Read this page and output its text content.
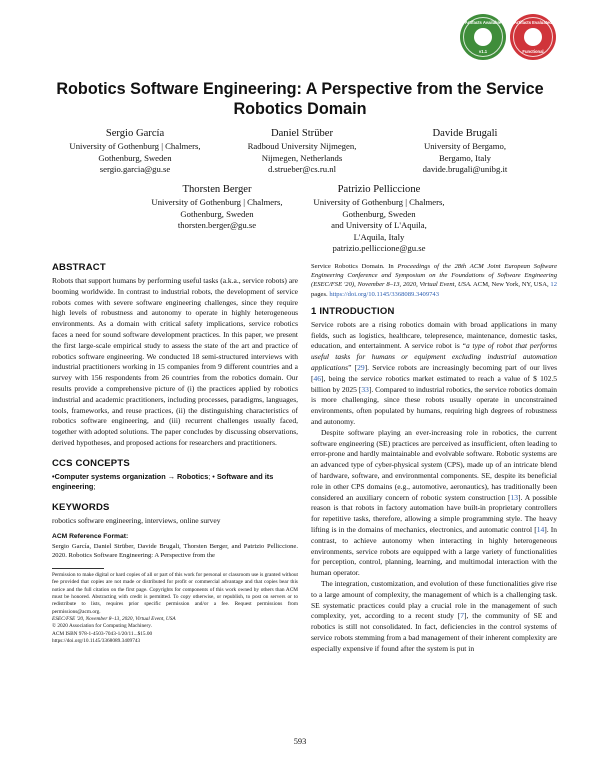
Artifacts Available
v1.1
Artifacts Evaluated
Functional
Robotics Software Engineering: A Perspective from the Service
Robotics Domain
Sergio García
University of Gothenburg | Chalmers,
Gothenburg, Sweden
sergio.garcia@gu.se
Daniel Strüber
Radboud University Nijmegen,
Nijmegen, Netherlands
d.strueber@cs.ru.nl
Davide Brugali
University of Bergamo,
Bergamo, Italy
davide.brugali@unibg.it
Thorsten Berger
University of Gothenburg | Chalmers,
Gothenburg, Sweden
thorsten.berger@gu.se
Patrizio Pelliccione
University of Gothenburg | Chalmers,
Gothenburg, Sweden
and University of L'Aquila,
L'Aquila, Italy
patrizio.pelliccione@gu.se
ABSTRACT

Robots that support humans by performing useful tasks (a.k.a., service robots) are booming worldwide. In contrast to industrial robots, the development of service robots comes with severe software engineering challenges, since they require high levels of robustness and autonomy to operate in highly heterogeneous environments. As a domain with critical safety implications, service robotics faces a need for sound software development practices. In this paper, we present the first large-scale empirical study to assess the state of the art and practice of robotics software engineering. We conducted 18 semi-structured interviews with industrial practitioners working in 15 companies from 9 different countries and a survey with 156 respondents from 26 countries from the robotics domain. Our results provide a comprehensive picture of (i) the practices applied by robotics industrial and academic practitioners, including processes, paradigms, languages, tools, frameworks, and reuse practices, (ii) the distinguishing characteristics of robotics software engineering, and (iii) recurrent challenges usually faced, together with adopted solutions. The paper concludes by discussing observations, derived hypotheses, and proposed actions for researchers and practitioners.

CCS CONCEPTS
•Computer systems organization → Robotics; • Software and its engineering;
KEYWORDS

robotics software engineering, interviews, online survey

ACM Reference Format:

Sergio García, Daniel Strüber, Davide Brugali, Thorsten Berger, and Patrizio Pelliccione. 2020. Robotics Software Engineering: A Perspective from the

Permission to make digital or hard copies of all or part of this work for personal or classroom use is granted without fee provided that copies are not made or distributed for profit or commercial advantage and that copies bear this notice and the full citation on the first page. Copyrights for components of this work owned by others than ACM must be honored. Abstracting with credit is permitted. To copy otherwise, or republish, to post on servers or to redistribute to lists, requires prior specific permission and/or a fee. Request permissions from permissions@acm.org.

ESEC/FSE '20, November 8–13, 2020, Virtual Event, USA

© 2020 Association for Computing Machinery.

ACM ISBN 978-1-4503-7043-1/20/11...$15.00

https://doi.org/10.1145/3368089.3409743

Service Robotics Domain. In Proceedings of the 28th ACM Joint European Software Engineering Conference and Symposium on the Foundations of Software Engineering (ESEC/FSE '20), November 8–13, 2020, Virtual Event, USA. ACM, New York, NY, USA, 12 pages. https://doi.org/10.1145/3368089.3409743

1 INTRODUCTION

Service robots are a rising robotics domain with broad applications in many fields, such as logistics, healthcare, telepresence, maintenance, domestic tasks, education, and entertainment. A service robot is “a type of robot that performs useful tasks for humans or equipment excluding industrial automation applications” [29]. Service robots are increasingly becoming part of our lives [46], being the service robotics market estimated to reach a value of $ 102.5 billion by 2025 [33]. Compared to industrial robotics, the service robotics domain is more challenging, since these robots usually operate in unconstrained environments, often populated by humans, requiring high degrees of robustness and autonomy.

Despite software playing an ever-increasing role in robotics, the current software engineering (SE) practices are perceived as insufficient, often leading to error-prone and hardly maintainable and evolvable software. Robotic systems are an advanced type of cyber-physical system (CPS), made up of an intricate blend of hardware, software, and environmental components. SE, despite its beneficial role in other CPS domains (e.g., automotive, aeronautics), has traditionally been considered an auxiliary concern of robotic system construction [13]. A possible reason is that robots in factory automation have built-in proprietary controllers for repetitive tasks, therefore, allowing a simple programming style. The heavy lifting is in the domains of mechanics, electronics, and automatic control [14]. In contrast, to achieve autonomy when interacting in highly heterogeneous environments, service robots are equipped with a large variety of functionalities for perception, control, planning, learning, and multimodal interaction with the human operator.

The integration, customization, and evolution of these functionalities give rise to a large amount of complexity, the management of which is a challenging task. SE systematic practices could play a crucial role in the management of such complexity, yet, according to a recent study [7], the community of SE and robotics is still not consolidated. In fact, deficiencies in the control systems of service robots stemming from a bad management of their inherent complexity are especially expensive if found after the system is put in

593
